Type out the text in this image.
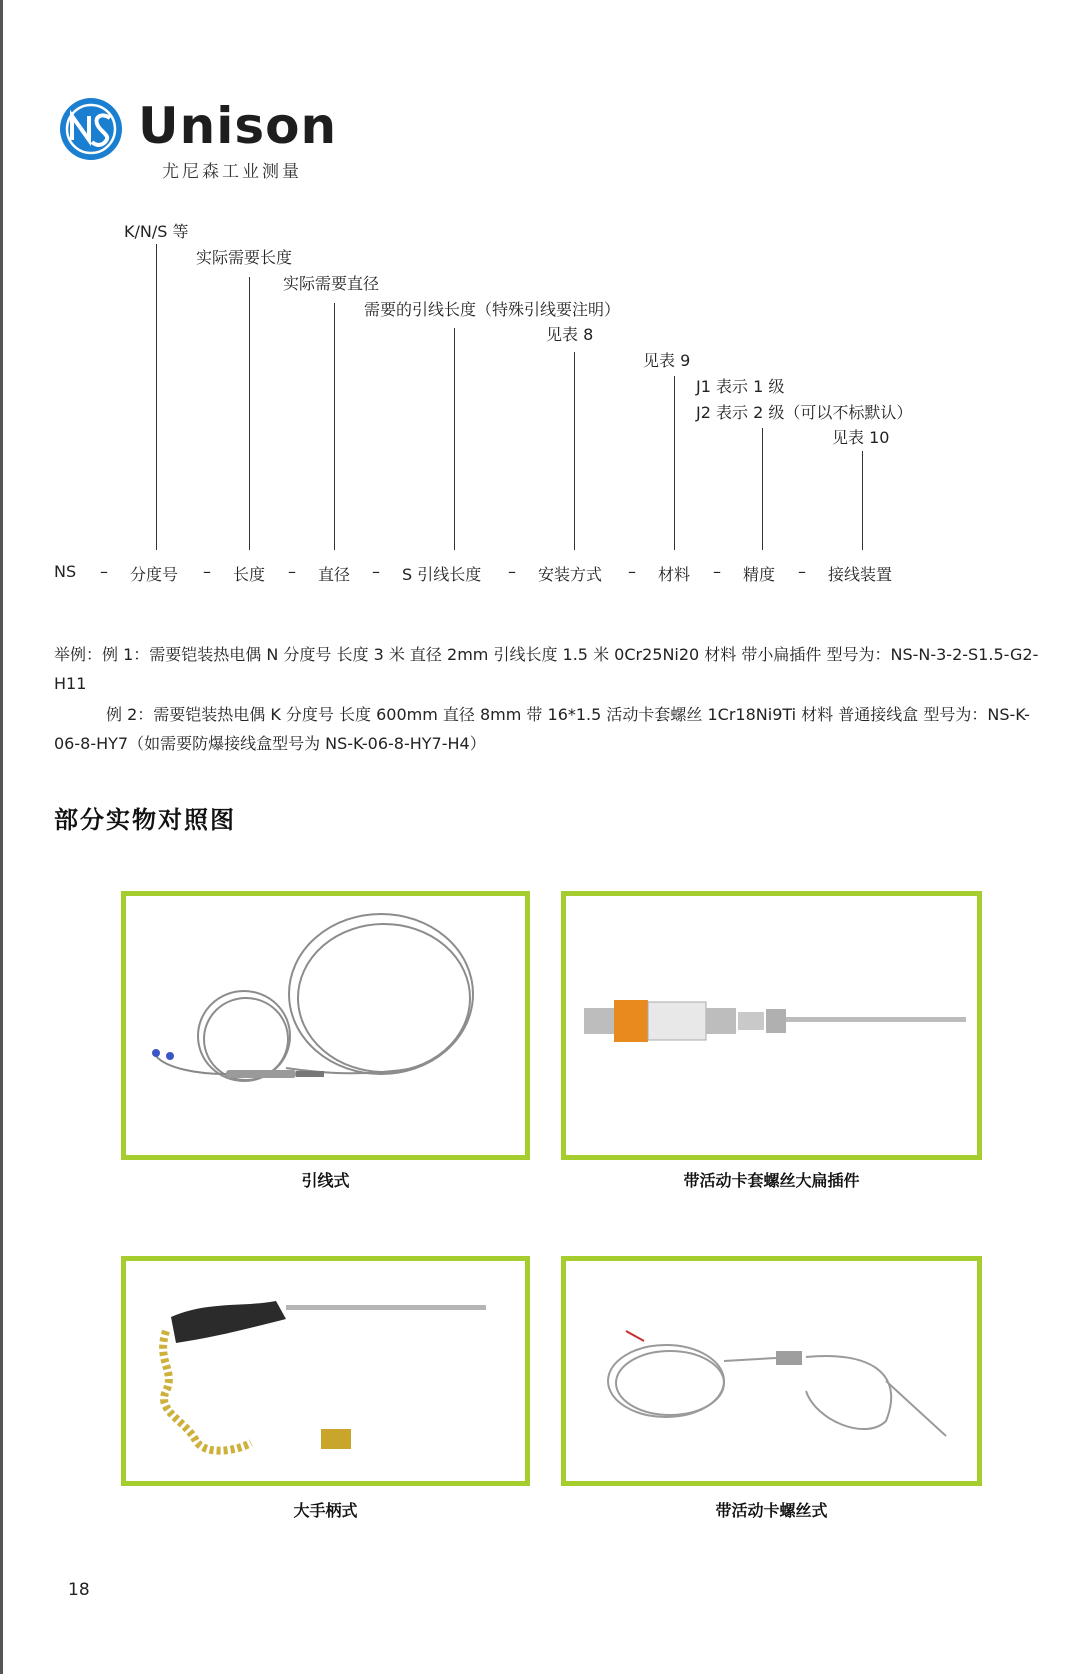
Unison
尤尼森工业测量
K/N/S 等
实际需要长度
实际需要直径
需要的引线长度（特殊引线要注明）
见表 8
见表 9
J1 表示 1 级
J2 表示 2 级（可以不标默认）
见表 10
NS – 分度号 – 长度 – 直径 – S 引线长度 – 安装方式 – 材料 – 精度 – 接线装置
举例：例 1：需要铠装热电偶 N 分度号 长度 3 米 直径 2mm 引线长度 1.5 米 0Cr25Ni20 材料 带小扁插件 型号为：NS-N-3-2-S1.5-G2-H11
例 2：需要铠装热电偶 K 分度号 长度 600mm 直径 8mm 带 16*1.5 活动卡套螺丝 1Cr18Ni9Ti 材料 普通接线盒 型号为：NS-K-06-8-HY7（如需要防爆接线盒型号为 NS-K-06-8-HY7-H4）
部分实物对照图
引线式	带活动卡套螺丝大扁插件
大手柄式	带活动卡螺丝式
18
